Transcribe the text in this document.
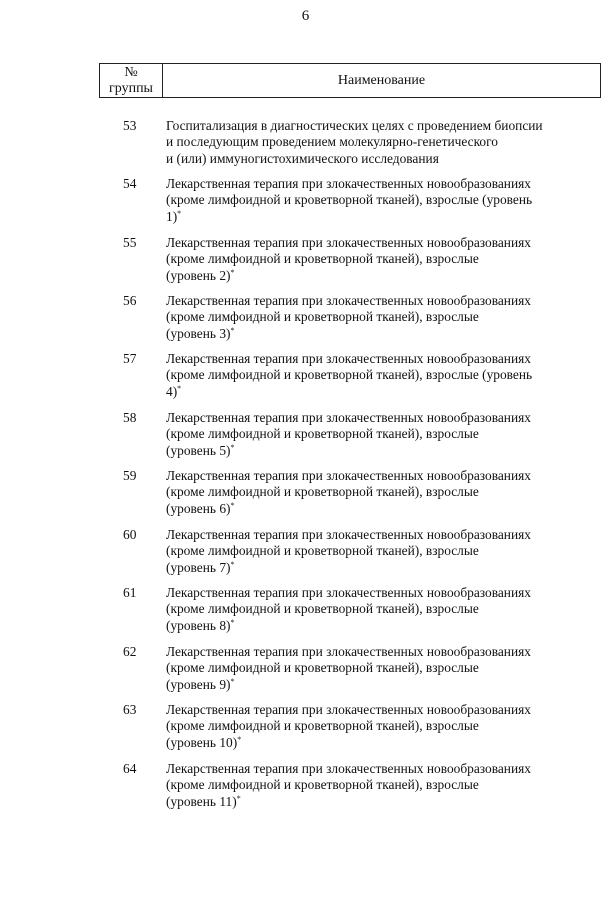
6
№
группы
Наименование
53 Госпитализация в диагностических целях с проведением биопсии
и последующим проведением молекулярно-генетического
и (или) иммуногистохимического исследования
54 Лекарственная терапия при злокачественных новообразованиях
(кроме лимфоидной и кроветворной тканей), взрослые (уровень
1)*
55 Лекарственная терапия при злокачественных новообразованиях
(кроме лимфоидной и кроветворной тканей), взрослые
(уровень 2)*
56 Лекарственная терапия при злокачественных новообразованиях
(кроме лимфоидной и кроветворной тканей), взрослые
(уровень 3)*
57 Лекарственная терапия при злокачественных новообразованиях
(кроме лимфоидной и кроветворной тканей), взрослые (уровень
4)*
58 Лекарственная терапия при злокачественных новообразованиях
(кроме лимфоидной и кроветворной тканей), взрослые
(уровень 5)*
59 Лекарственная терапия при злокачественных новообразованиях
(кроме лимфоидной и кроветворной тканей), взрослые
(уровень 6)*
60 Лекарственная терапия при злокачественных новообразованиях
(кроме лимфоидной и кроветворной тканей), взрослые
(уровень 7)*
61 Лекарственная терапия при злокачественных новообразованиях
(кроме лимфоидной и кроветворной тканей), взрослые
(уровень 8)*
62 Лекарственная терапия при злокачественных новообразованиях
(кроме лимфоидной и кроветворной тканей), взрослые
(уровень 9)*
63 Лекарственная терапия при злокачественных новообразованиях
(кроме лимфоидной и кроветворной тканей), взрослые
(уровень 10)*
64 Лекарственная терапия при злокачественных новообразованиях
(кроме лимфоидной и кроветворной тканей), взрослые
(уровень 11)*
